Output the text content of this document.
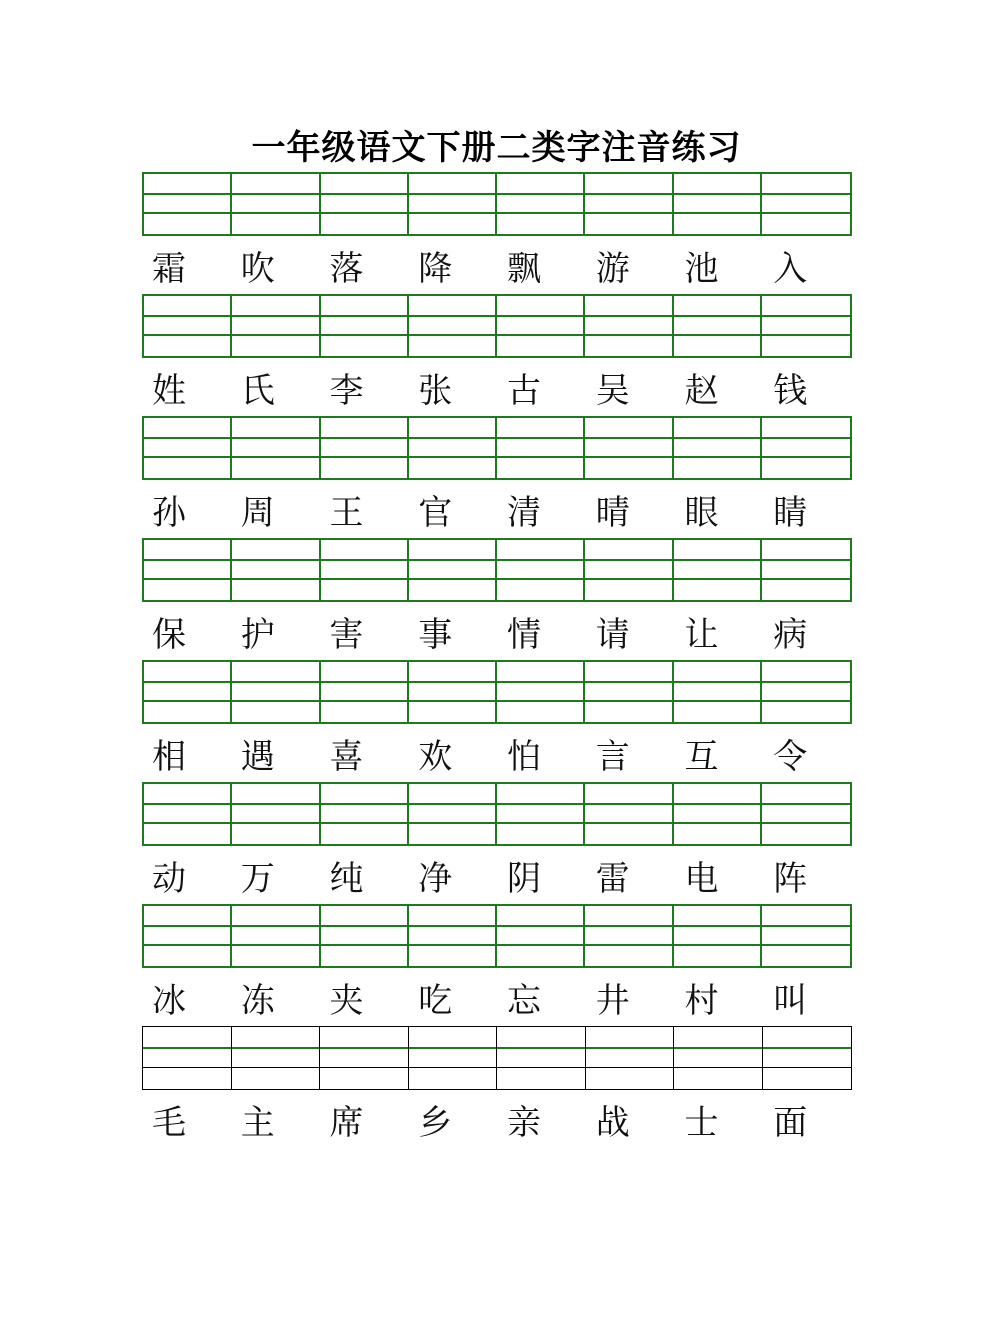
一年级语文下册二类字注音练习
霜	吹	落	降	飘	游	池	入
姓	氏	李	张	古	吴	赵	钱
孙	周	王	官	清	晴	眼	睛
保	护	害	事	情	请	让	病
相	遇	喜	欢	怕	言	互	令
动	万	纯	净	阴	雷	电	阵
冰	冻	夹	吃	忘	井	村	叫
毛	主	席	乡	亲	战	士	面
